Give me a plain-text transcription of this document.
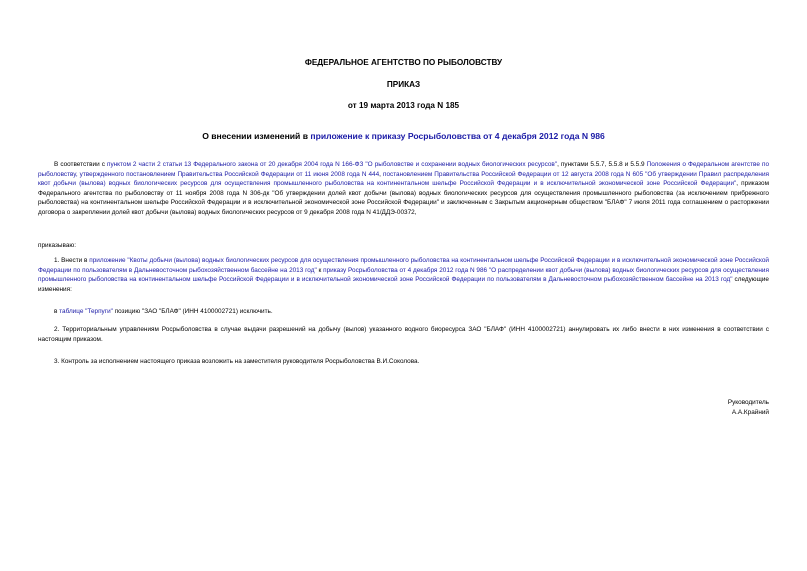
ФЕДЕРАЛЬНОЕ АГЕНТСТВО ПО РЫБОЛОВСТВУ
ПРИКАЗ
от 19 марта 2013 года N 185
О внесении изменений в приложение к приказу Росрыболовства от 4 декабря 2012 года N 986
В соответствии с пунктом 2 части 2 статьи 13 Федерального закона от 20 декабря 2004 года N 166-ФЗ "О рыболовстве и сохранении водных биологических ресурсов", пунктами 5.5.7, 5.5.8 и 5.5.9 Положения о Федеральном агентстве по рыболовству, утвержденного постановлением Правительства Российской Федерации от 11 июня 2008 года N 444, постановлением Правительства Российской Федерации от 12 августа 2008 года N 605 "Об утверждении Правил распределения квот добычи (вылова) водных биологических ресурсов для осуществления промышленного рыболовства на континентальном шельфе Российской Федерации и в исключительной экономической зоне Российской Федерации", приказом Федерального агентства по рыболовству от 11 ноября 2008 года N 306-дк "Об утверждении долей квот добычи (вылова) водных биологических ресурсов для осуществления промышленного рыболовства (за исключением прибрежного рыболовства) на континентальном шельфе Российской Федерации и в исключительной экономической зоне Российской Федерации" и заключенным с Закрытым акционерным обществом "БЛАФ" 7 июля 2011 года соглашением о расторжении договора о закреплении долей квот добычи (вылова) водных биологических ресурсов от 9 декабря 2008 года N 41/ДДЭ-00372,
приказываю:
1. Внести в приложение "Квоты добычи (вылова) водных биологических ресурсов для осуществления промышленного рыболовства на континентальном шельфе Российской Федерации и в исключительной экономической зоне Российской Федерации по пользователям в Дальневосточном рыбохозяйственном бассейне на 2013 год" к приказу Росрыболовства от 4 декабря 2012 года N 986 "О распределении квот добычи (вылова) водных биологических ресурсов для осуществления промышленного рыболовства на континентальном шельфе Российской Федерации и в исключительной экономической зоне Российской Федерации по пользователям в Дальневосточном рыбохозяйственном бассейне на 2013 год" следующие изменения:
в таблице "Терпуги" позицию "ЗАО "БЛАФ" (ИНН 4100002721) исключить.
2. Территориальным управлениям Росрыболовства в случае выдачи разрешений на добычу (вылов) указанного водного биоресурса ЗАО "БЛАФ" (ИНН 4100002721) аннулировать их либо внести в них изменения в соответствии с настоящим приказом.
3. Контроль за исполнением настоящего приказа возложить на заместителя руководителя Росрыболовства В.И.Соколова.
Руководитель
А.А.Крайний
